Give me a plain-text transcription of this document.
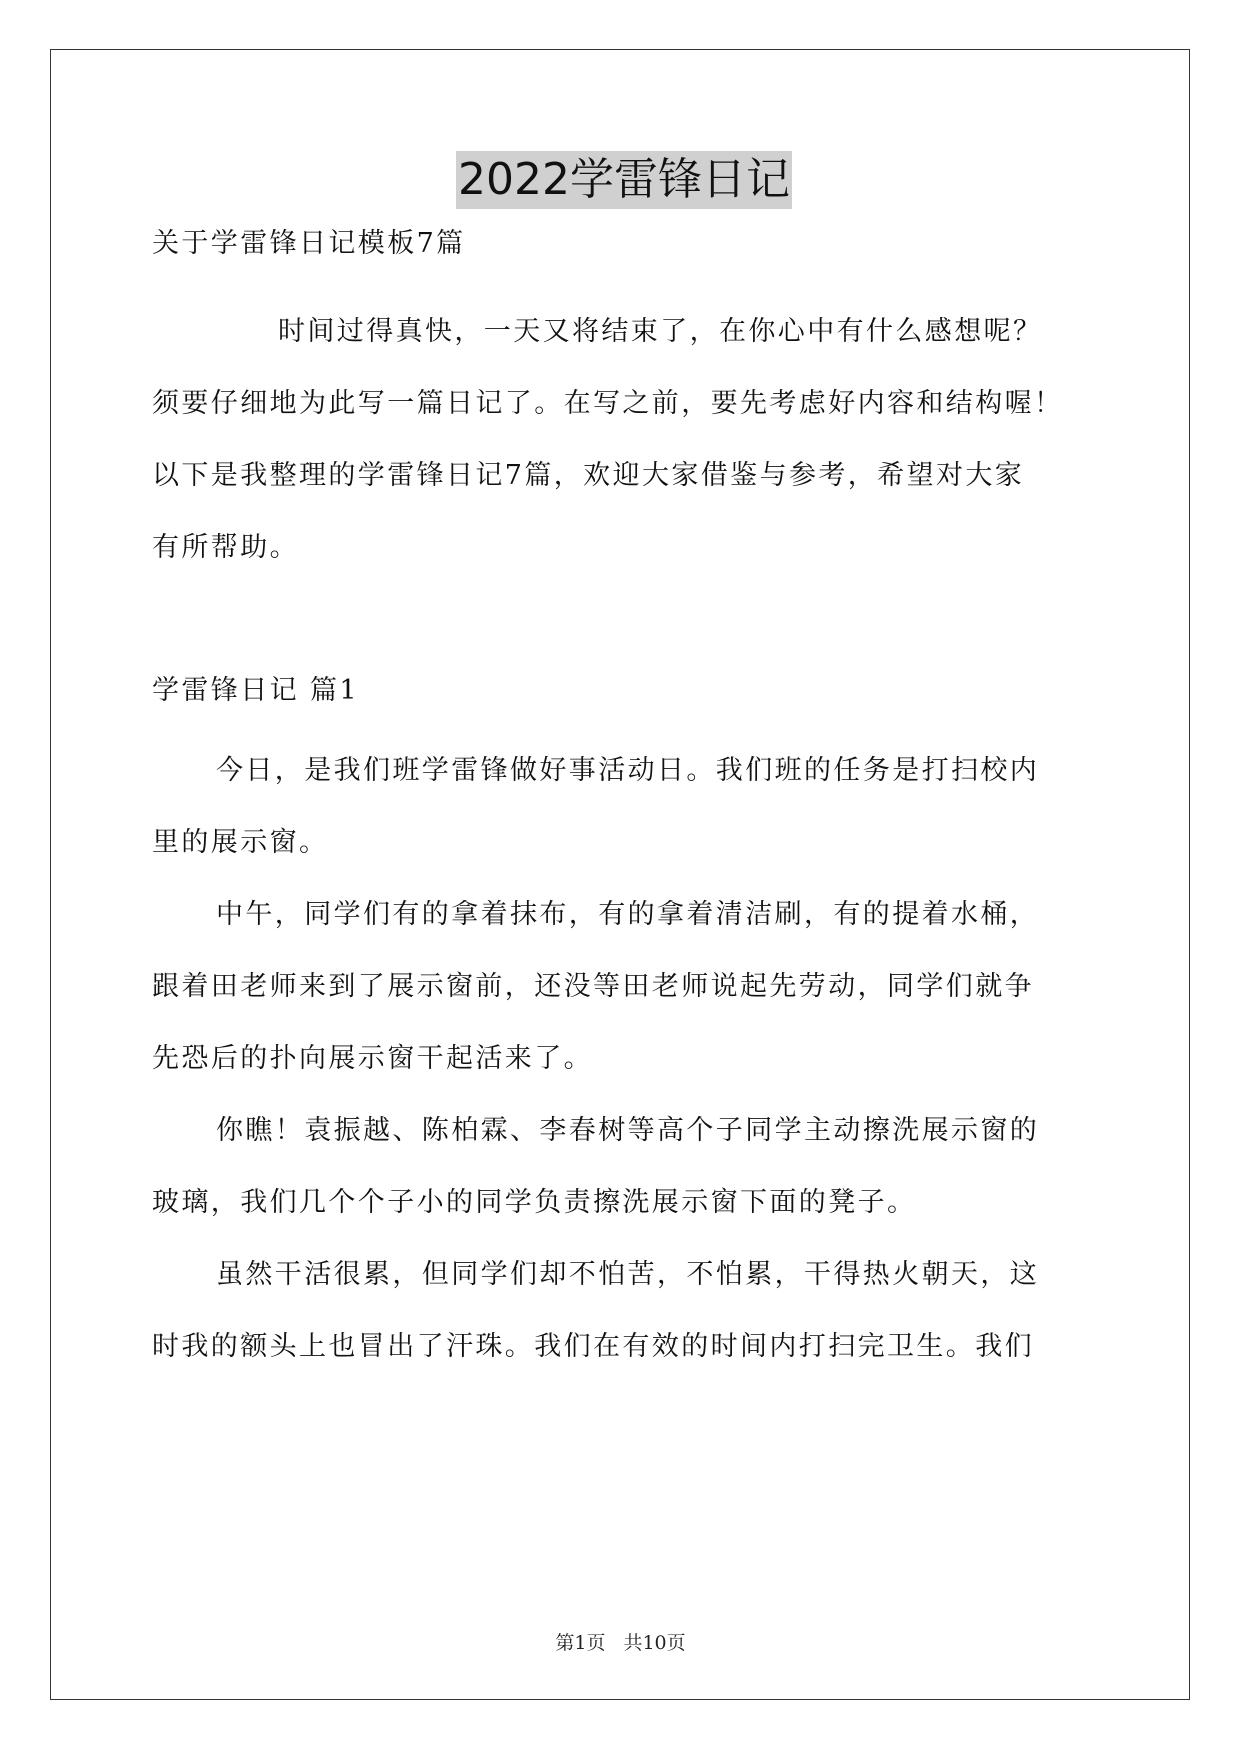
2022学雷锋日记
关于学雷锋日记模板7篇
时间过得真快，一天又将结束了，在你心中有什么感想呢？
须要仔细地为此写一篇日记了。在写之前，要先考虑好内容和结构喔！
以下是我整理的学雷锋日记7篇，欢迎大家借鉴与参考，希望对大家
有所帮助。
学雷锋日记 篇1
今日，是我们班学雷锋做好事活动日。我们班的任务是打扫校内
里的展示窗。
中午，同学们有的拿着抹布，有的拿着清洁刷，有的提着水桶，
跟着田老师来到了展示窗前，还没等田老师说起先劳动，同学们就争
先恐后的扑向展示窗干起活来了。
你瞧！袁振越、陈柏霖、李春树等高个子同学主动擦洗展示窗的
玻璃，我们几个个子小的同学负责擦洗展示窗下面的凳子。
虽然干活很累，但同学们却不怕苦，不怕累，干得热火朝天，这
时我的额头上也冒出了汗珠。我们在有效的时间内打扫完卫生。我们
第1页 共10页
